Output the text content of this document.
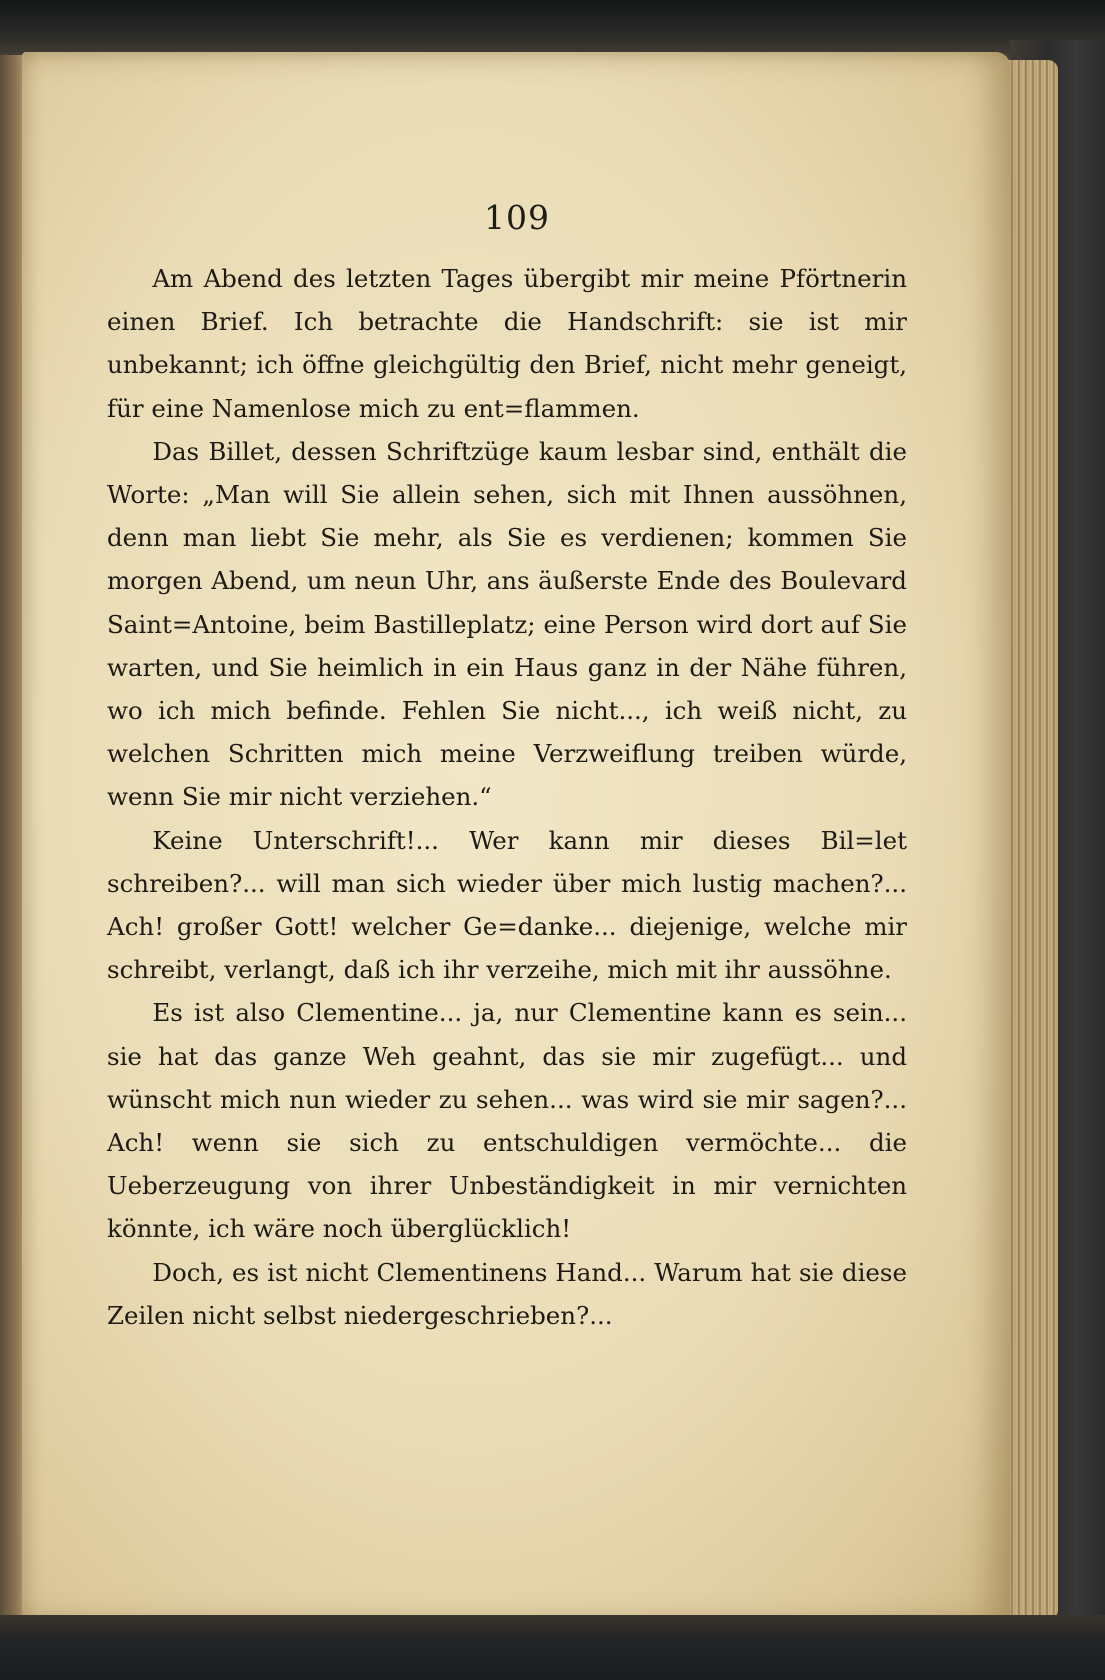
109

Am Abend des letzten Tages übergibt mir meine Pförtnerin einen Brief. Ich betrachte die Handschrift: sie ist mir unbekannt; ich öffne gleichgültig den Brief, nicht mehr geneigt, für eine Namenlose mich zu ent=flammen.

Das Billet, dessen Schriftzüge kaum lesbar sind, enthält die Worte: „Man will Sie allein sehen, sich mit Ihnen aussöhnen, denn man liebt Sie mehr, als Sie es verdienen; kommen Sie morgen Abend, um neun Uhr, ans äußerste Ende des Boulevard Saint=Antoine, beim Bastilleplatz; eine Person wird dort auf Sie warten, und Sie heimlich in ein Haus ganz in der Nähe führen, wo ich mich befinde. Fehlen Sie nicht..., ich weiß nicht, zu welchen Schritten mich meine Verzweiflung treiben würde, wenn Sie mir nicht verziehen.“

Keine Unterschrift!... Wer kann mir dieses Bil=let schreiben?... will man sich wieder über mich lustig machen?... Ach! großer Gott! welcher Ge=danke... diejenige, welche mir schreibt, verlangt, daß ich ihr verzeihe, mich mit ihr aussöhne.

Es ist also Clementine... ja, nur Clementine kann es sein... sie hat das ganze Weh geahnt, das sie mir zugefügt... und wünscht mich nun wieder zu sehen... was wird sie mir sagen?... Ach! wenn sie sich zu entschuldigen vermöchte... die Ueberzeugung von ihrer Unbeständigkeit in mir vernichten könnte, ich wäre noch überglücklich!

Doch, es ist nicht Clementinens Hand... Warum hat sie diese Zeilen nicht selbst niedergeschrieben?...
